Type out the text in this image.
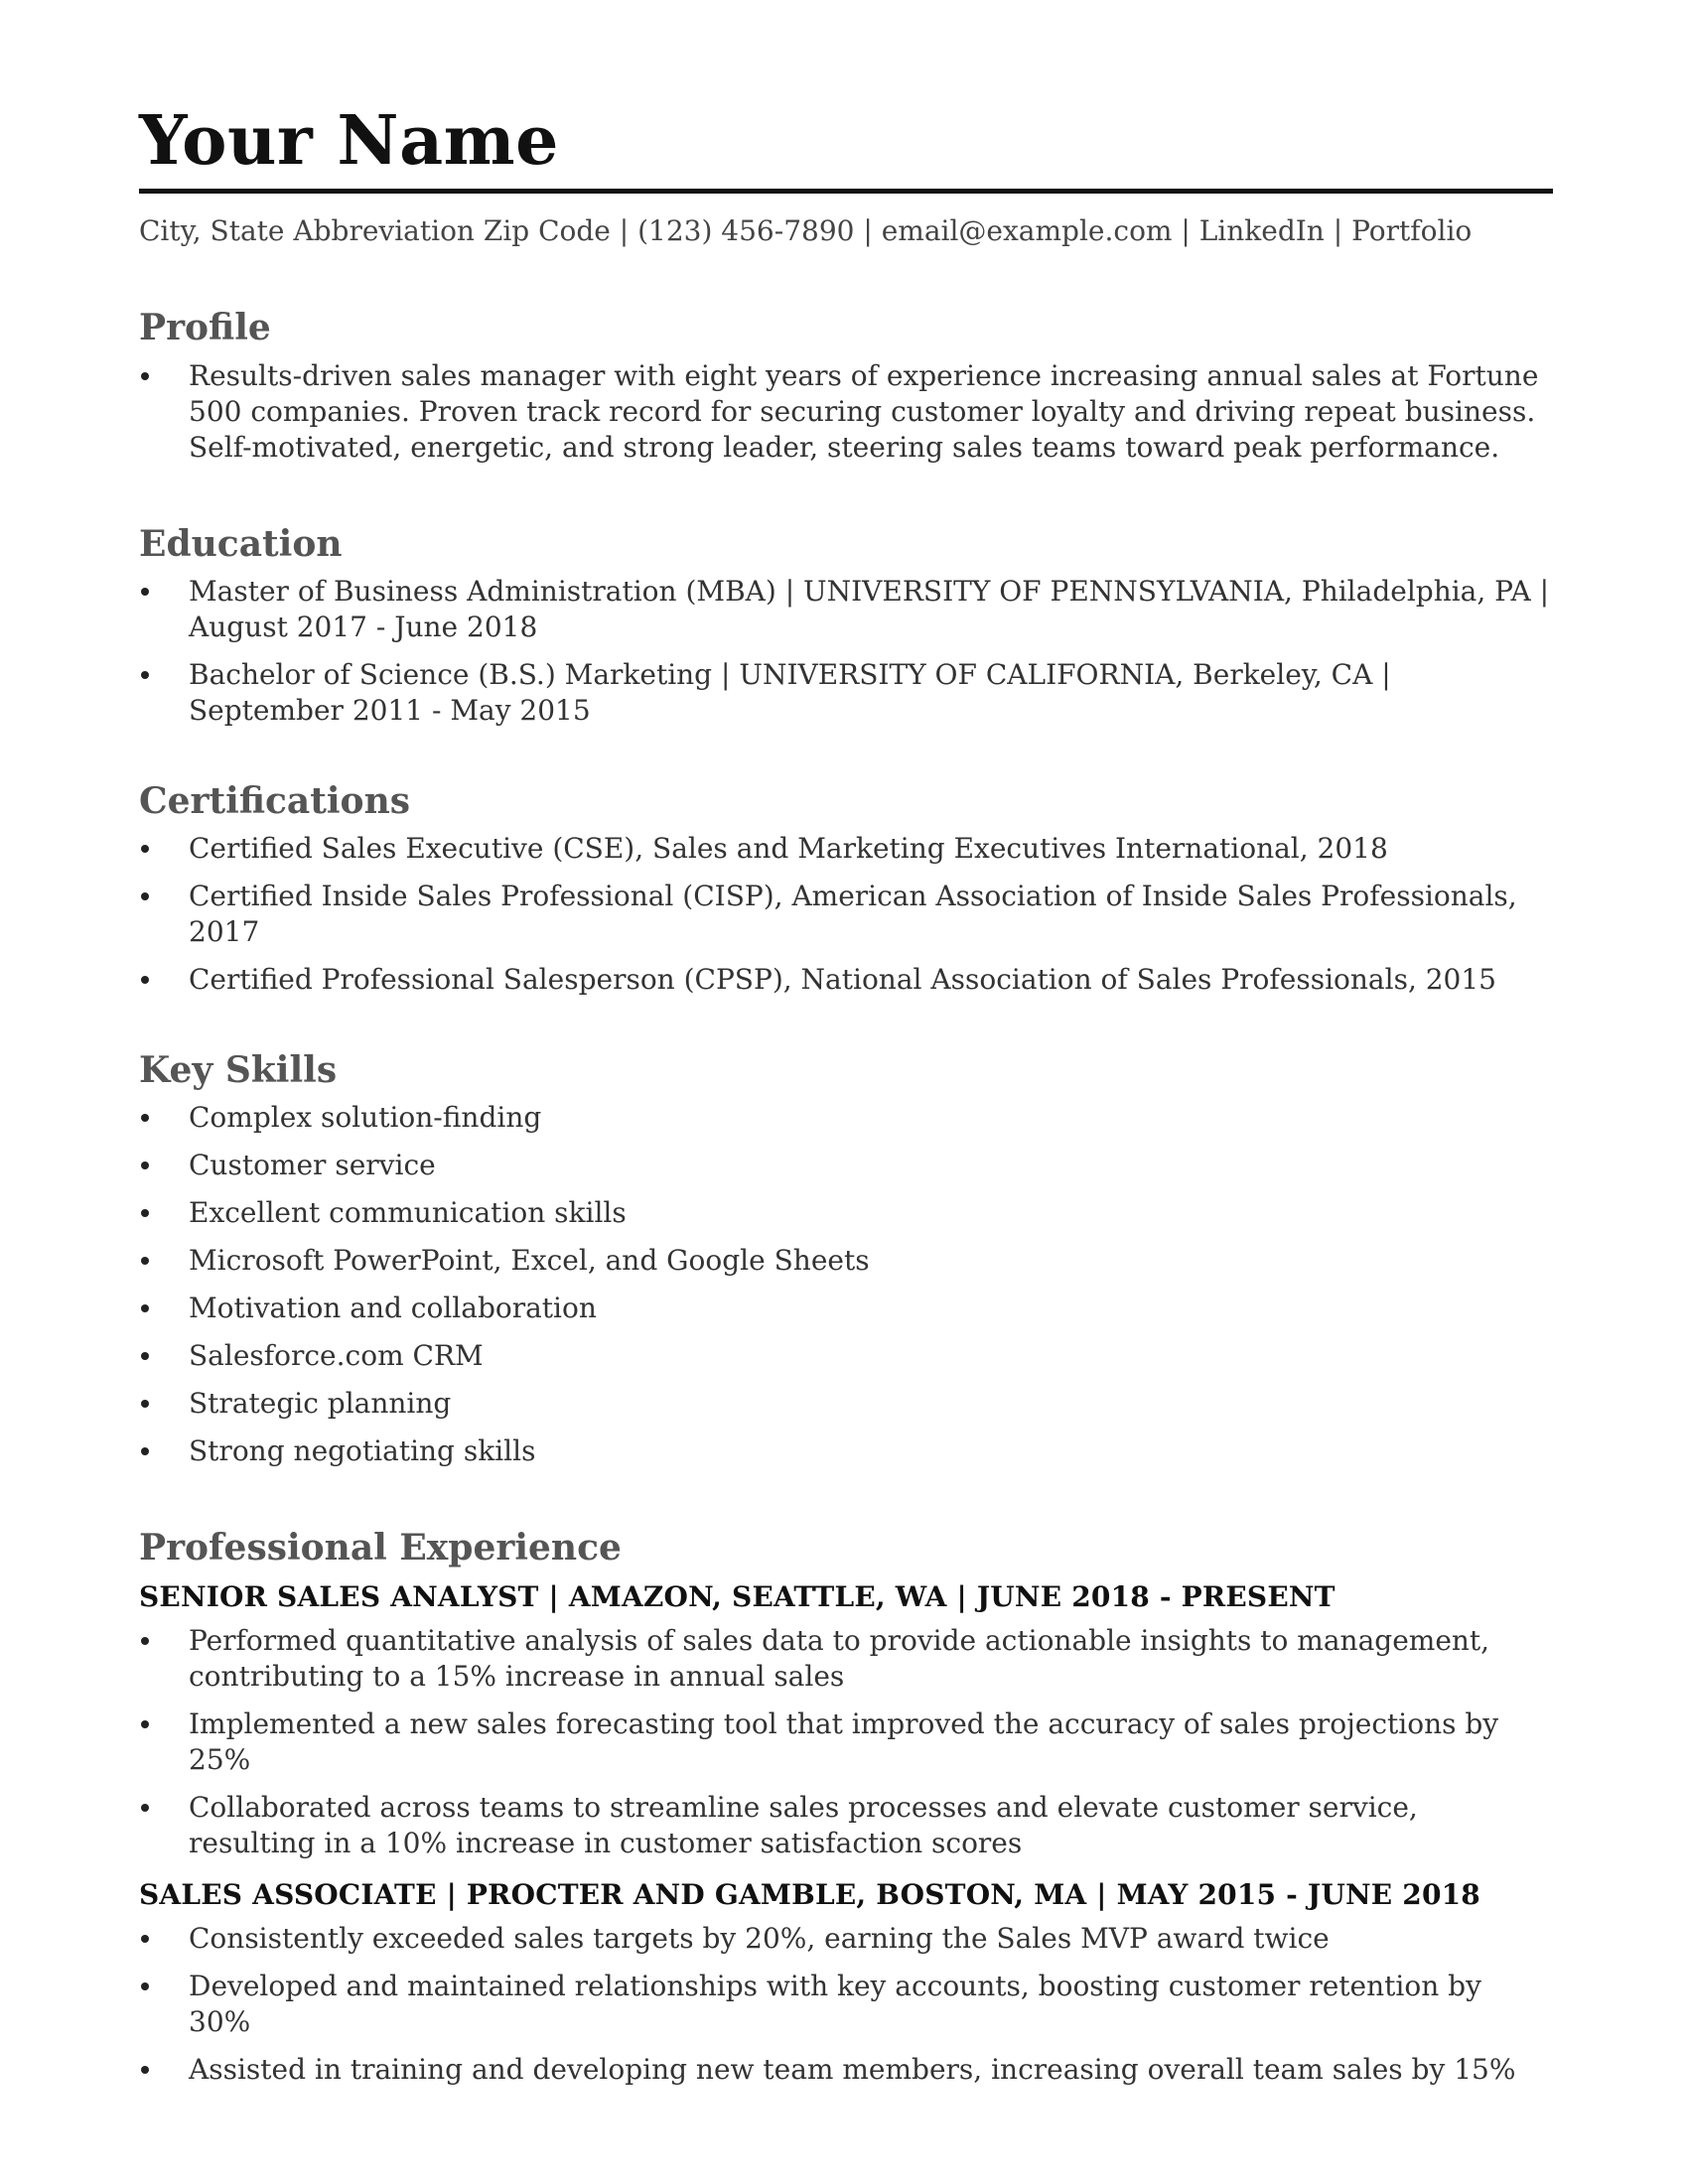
Your Name
City, State Abbreviation Zip Code | (123) 456-7890 | email@example.com | LinkedIn | Portfolio
Profile
Results-driven sales manager with eight years of experience increasing annual sales at Fortune 500 companies. Proven track record for securing customer loyalty and driving repeat business. Self-motivated, energetic, and strong leader, steering sales teams toward peak performance.
Education
Master of Business Administration (MBA) | UNIVERSITY OF PENNSYLVANIA, Philadelphia, PA | August 2017 - June 2018
Bachelor of Science (B.S.) Marketing | UNIVERSITY OF CALIFORNIA, Berkeley, CA | September 2011 - May 2015
Certifications
Certified Sales Executive (CSE), Sales and Marketing Executives International, 2018
Certified Inside Sales Professional (CISP), American Association of Inside Sales Professionals, 2017
Certified Professional Salesperson (CPSP), National Association of Sales Professionals, 2015
Key Skills
Complex solution-finding
Customer service
Excellent communication skills
Microsoft PowerPoint, Excel, and Google Sheets
Motivation and collaboration
Salesforce.com CRM
Strategic planning
Strong negotiating skills
Professional Experience
SENIOR SALES ANALYST | AMAZON, SEATTLE, WA | JUNE 2018 - PRESENT
Performed quantitative analysis of sales data to provide actionable insights to management, contributing to a 15% increase in annual sales
Implemented a new sales forecasting tool that improved the accuracy of sales projections by 25%
Collaborated across teams to streamline sales processes and elevate customer service, resulting in a 10% increase in customer satisfaction scores
SALES ASSOCIATE | PROCTER AND GAMBLE, BOSTON, MA | MAY 2015 - JUNE 2018
Consistently exceeded sales targets by 20%, earning the Sales MVP award twice
Developed and maintained relationships with key accounts, boosting customer retention by 30%
Assisted in training and developing new team members, increasing overall team sales by 15%
